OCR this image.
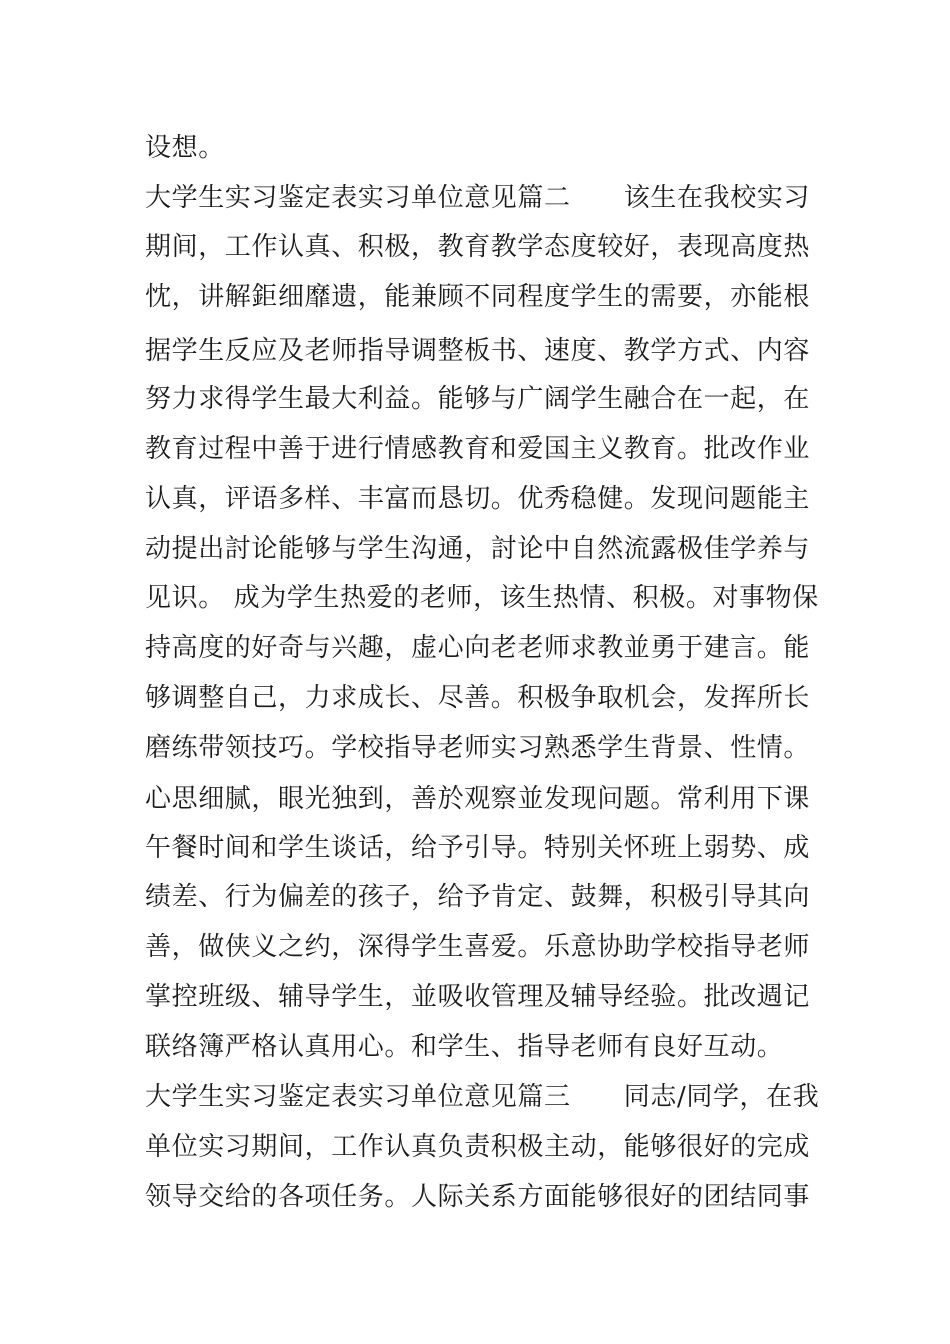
设想。
大学生实习鉴定表实习单位意见篇二　　该生在我校实习
期间，工作认真、积极，教育教学态度较好，表现高度热
忱，讲解鉅细靡遗，能兼顾不同程度学生的需要，亦能根
据学生反应及老师指导调整板书、速度、教学方式、内容
努力求得学生最大利益。能够与广阔学生融合在一起，在
教育过程中善于进行情感教育和爱国主义教育。批改作业
认真，评语多样、丰富而恳切。优秀稳健。发现问题能主
动提出討论能够与学生沟通，討论中自然流露极佳学养与
见识。 成为学生热爱的老师，该生热情、积极。对事物保
持高度的好奇与兴趣，虚心向老老师求教並勇于建言。能
够调整自己，力求成长、尽善。积极争取机会，发挥所长
磨练带领技巧。学校指导老师实习熟悉学生背景、性情。
心思细腻，眼光独到，善於观察並发现问题。常利用下课
午餐时间和学生谈话，给予引导。特别关怀班上弱势、成
绩差、行为偏差的孩子，给予肯定、鼓舞，积极引导其向
善，做侠义之约，深得学生喜爱。乐意协助学校指导老师
掌控班级、辅导学生，並吸收管理及辅导经验。批改週记
联络簿严格认真用心。和学生、指导老师有良好互动。
大学生实习鉴定表实习单位意见篇三　　同志/同学，在我
单位实习期间，工作认真负责积极主动，能够很好的完成
领导交给的各项任务。人际关系方面能够很好的团结同事
